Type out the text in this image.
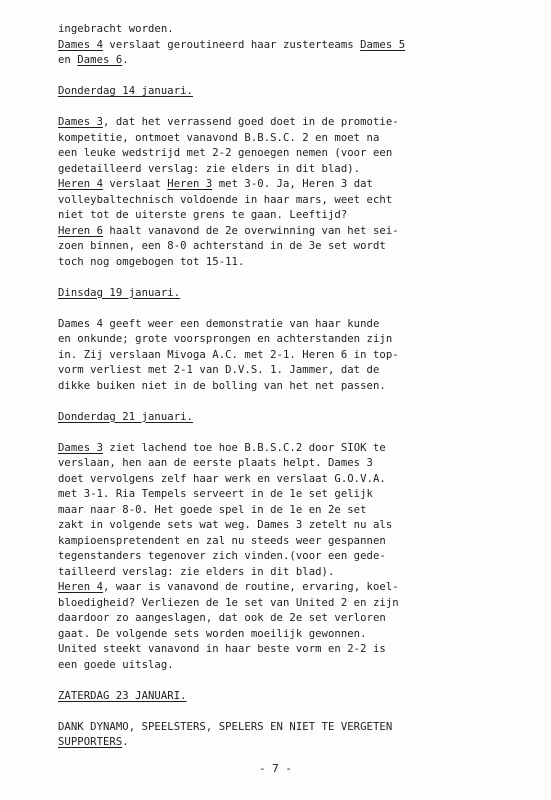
ingebracht worden.
Dames 4 verslaat geroutineerd haar zusterteams Dames 5
en Dames 6.
Donderdag 14 januari.
Dames 3, dat het verrassend goed doet in de promotie-
kompetitie, ontmoet vanavond B.B.S.C. 2 en moet na
een leuke wedstrijd met 2-2 genoegen nemen (voor een
gedetailleerd verslag: zie elders in dit blad).
Heren 4 verslaat Heren 3 met 3-0. Ja, Heren 3 dat
volleybaltechnisch voldoende in haar mars, weet echt
niet tot de uiterste grens te gaan. Leeftijd?
Heren 6 haalt vanavond de 2e overwinning van het sei-
zoen binnen, een 8-0 achterstand in de 3e set wordt
toch nog omgebogen tot 15-11.
Dinsdag 19 januari.
Dames 4 geeft weer een demonstratie van haar kunde
en onkunde; grote voorsprongen en achterstanden zijn
in. Zij verslaan Mivoga A.C. met 2-1. Heren 6 in top-
vorm verliest met 2-1 van D.V.S. 1. Jammer, dat de
dikke buiken niet in de bolling van het net passen.
Donderdag 21 januari.
Dames 3 ziet lachend toe hoe B.B.S.C.2 door SIOK te
verslaan, hen aan de eerste plaats helpt. Dames 3
doet vervolgens zelf haar werk en verslaat G.O.V.A.
met 3-1. Ria Tempels serveert in de 1e set gelijk
maar naar 8-0. Het goede spel in de 1e en 2e set
zakt in volgende sets wat weg. Dames 3 zetelt nu als
kampioenspretendent en zal nu steeds weer gespannen
tegenstanders tegenover zich vinden.(voor een gede-
tailleerd verslag: zie elders in dit blad).
Heren 4, waar is vanavond de routine, ervaring, koel-
bloedigheid? Verliezen de 1e set van United 2 en zijn
daardoor zo aangeslagen, dat ook de 2e set verloren
gaat. De volgende sets worden moeilijk gewonnen.
United steekt vanavond in haar beste vorm en 2-2 is
een goede uitslag.
ZATERDAG 23 JANUARI.
DANK DYNAMO, SPEELSTERS, SPELERS EN NIET TE VERGETEN
SUPPORTERS.
- 7 -
